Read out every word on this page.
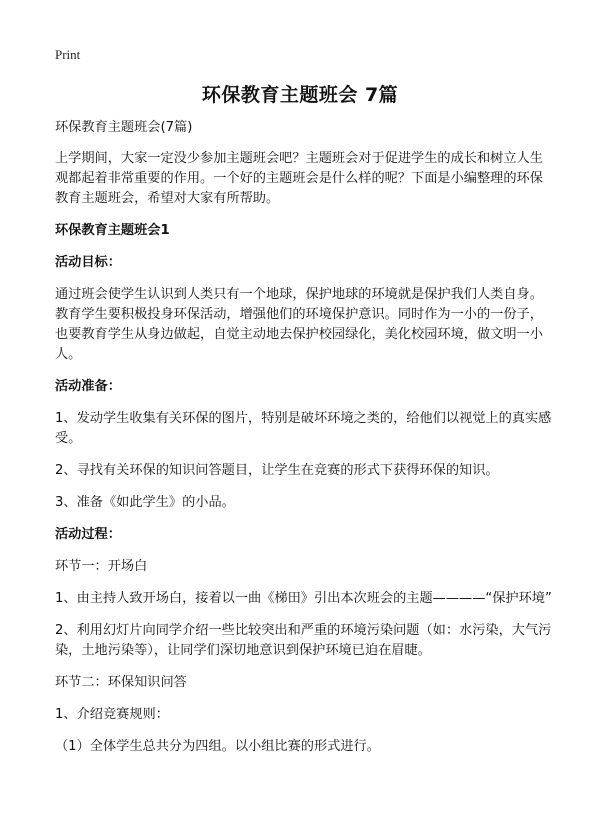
Print
环保教育主题班会 7篇

环保教育主题班会(7篇)

上学期间，大家一定没少参加主题班会吧？主题班会对于促进学生的成长和树立人生观都起着非常重要的作用。一个好的主题班会是什么样的呢？下面是小编整理的环保教育主题班会，希望对大家有所帮助。

环保教育主题班会1

活动目标：

通过班会使学生认识到人类只有一个地球，保护地球的环境就是保护我们人类自身。教育学生要积极投身环保活动，增强他们的环境保护意识。同时作为一小的一份子，也要教育学生从身边做起，自觉主动地去保护校园绿化，美化校园环境，做文明一小人。

活动准备：

1、发动学生收集有关环保的图片，特别是破坏环境之类的，给他们以视觉上的真实感受。

2、寻找有关环保的知识问答题目，让学生在竞赛的形式下获得环保的知识。

3、准备《如此学生》的小品。

活动过程：

环节一：开场白

1、由主持人致开场白，接着以一曲《梯田》引出本次班会的主题————“保护环境”

2、利用幻灯片向同学介绍一些比较突出和严重的环境污染问题（如：水污染，大气污染，土地污染等），让同学们深切地意识到保护环境已迫在眉睫。

环节二：环保知识问答

1、介绍竞赛规则：

（1）全体学生总共分为四组。以小组比赛的形式进行。
